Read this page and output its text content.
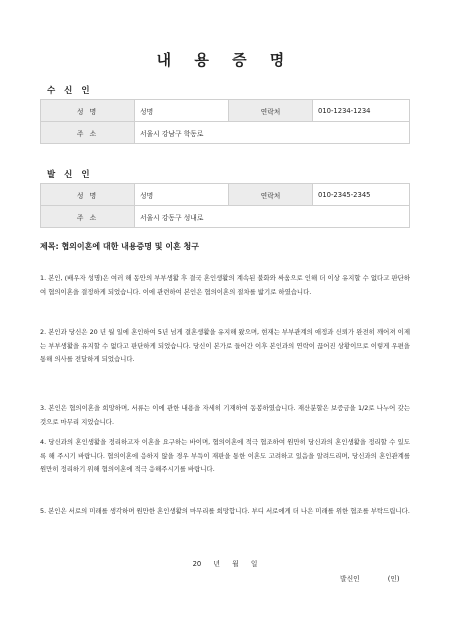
내 용 증 명
수 신 인
성 명	성명	연락처	010-1234-1234
주 소	서울시 강남구 학동로		
발 신 인
성 명	성명	연락처	010-2345-2345
주 소	서울시 강동구 성내로		
제목: 협의이혼에 대한 내용증명 및 이혼 청구

1. 본인, (배우자 성명)은 여러 해 동안의 부부생활 후 결국 혼인생활의 계속된 불화와 싸움으로 인해 더 이상 유지할 수 없다고 판단하여 협의이혼을 결정하게 되었습니다. 이에 관련하여 본인은 협의이혼의 절차를 밟기로 하였습니다.

2. 본인과 당신은 20 년 월 일에 혼인하여 5년 넘게 결혼생활을 유지해 왔으며, 현재는 부부관계의 애정과 신뢰가 완전히 깨어져 이제는 부부생활을 유지할 수 없다고 판단하게 되었습니다. 당신이 본가로 들어간 이후 본인과의 연락이 끊어진 상황이므로 이렇게 우편을 통해 의사를 전달하게 되었습니다.

3. 본인은 협의이혼을 희망하며, 서류는 이에 관한 내용을 자세히 기재하여 동봉하였습니다. 재산분할은 보증금을 1/2로 나누어 갖는 것으로 마무리 지었습니다.

4. 당신과의 혼인생활을 정리하고자 이혼을 요구하는 바이며, 협의이혼에 적극 협조하여 원만히 당신과의 혼인생활을 정리할 수 있도록 해 주시기 바랍니다. 협의이혼에 응하지 않을 경우 부득이 재판을 통한 이혼도 고려하고 있음을 알려드리며, 당신과의 혼인관계를 원만히 정리하기 위해 협의이혼에 적극 응해주시기를 바랍니다.

5. 본인은 서로의 미래를 생각하며 원만한 혼인생활의 마무리를 희망합니다. 부디 서로에게 더 나은 미래를 위한 협조를 부탁드립니다.

20 년 월 일
발신인	(인)
